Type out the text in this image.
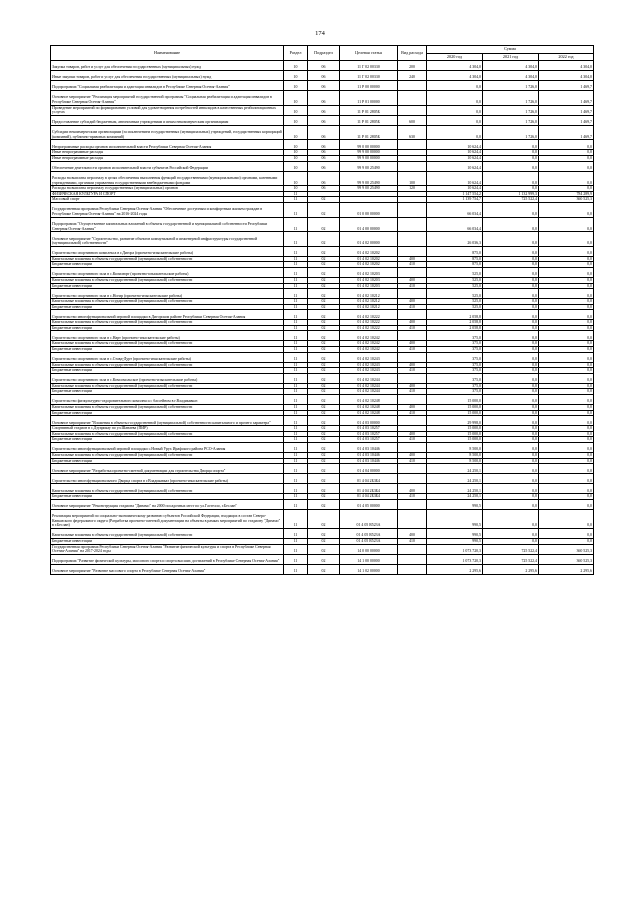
174
Наименование	Раздел	Подраздел	Целевая статья	Вид расхода	Сумма		
					2020 год	2021 год	2022 год
Закупка товаров, работ и услуг для обеспечения государственных (муниципальных) нужд	10	06	11 Г 02 00330	200	4 304,0	4 304,0	4 304,0
Иные закупки товаров, работ и услуг для обеспечения государственных (муниципальных) нужд	10	06	11 Г 02 00330	240	4 304,0	4 304,0	4 304,0
Подпрограмма "Социальная реабилитация и адаптация инвалидов в Республике Северная Осетия-Алания"	10	06	11 Р 00 00000		0,0	1 726,0	1 469,7
Основное мероприятие "Реализация мероприятий государственной программы "Социальная реабилитация и адаптация инвалидов в Республике Северная Осетия-Алания"	10	06	11 Р 01 00000		0,0	1 726,0	1 469,7
Проведение мероприятий по формированию условий для удовлетворения потребностей инвалидов в качественных реабилитационных услугах	10	06	11 Р 01 2805Б		0,0	1 726,0	1 469,7
Предоставление субсидий бюджетным, автономным учреждениям и иным некоммерческим организациям	10	06	11 Р 01 2805Б	600	0,0	1 726,0	1 469,7
Субсидии некоммерческим организациям (за исключением государственных (муниципальных) учреждений, государственных корпораций (компаний), публично-правовых компаний)	10	06	11 Р 01 2805Б	630	0,0	1 726,0	1 469,7
Непрограммные расходы органов исполнительной власти Республики Северная Осетия-Алания	10	06	99 0 00 00000		10 624,4	0,0	0,0
Иные непрограммные расходы	10	06	99 9 00 00000		10 624,4	0,0	0,0
Иные непрограммные расходы	10	06	99 9 00 00000		10 624,4	0,0	0,0
Обеспечение деятельности органов исполнительной власти субъектов Российской Федерации	10	06	99 9 00 25490		10 624,4	0,0	0,0
Расходы на выплаты персоналу в целях обеспечения выполнения функций государственными (муниципальными) органами, казенными учреждениями, органами управления государственными внебюджетными фондами	10	06	99 9 00 25490	100	10 624,4	0,0	0,0
Расходы на выплаты персоналу государственных (муниципальных) органов	10	06	99 9 00 25490	120	10 624,4	0,0	0,0
ФИЗИЧЕСКАЯ КУЛЬТУРА И СПОРТ	11				1 147 554,2	1 132 999,3	784 289,9
Массовый спорт	11	02			1 139 754,7	725 522,4	360 525,3
Государственная программа Республики Северная Осетия-Алания "Обеспечение доступным и комфортным жильем граждан в Республике Северная Осетия-Алания" на 2016-2024 годы	11	02	01 0 00 00000		66 034,4	0,0	0,0
Подпрограмма "Осуществление капитальных вложений в объекты государственной и муниципальной собственности Республики Северная Осетия-Алания"	11	02	01 4 00 00000		66 034,4	0,0	0,0
Основное мероприятие "Строительство, развитие объектов коммунальной и инженерной инфраструктуры государственной (муниципальной) собственности"	11	02	01 4 02 00000		26 036,3	0,0	0,0
Строительство спортивного комплекса в г.Дигора (проектно-изыскательские работы)	11	02	01 4 02 10202		875,0	0,0	0,0
Капитальные вложения в объекты государственной (муниципальной) собственности	11	02	01 4 02 10202	400	875,0	0,0	0,0
Бюджетные инвестиции	11	02	01 4 02 10202	410	875,0	0,0	0,0
Строительство спортивного зала в с.Кизилюрт (проектно-изыскательские работы)	11	02	01 4 02 10203		525,0	0,0	0,0
Капитальные вложения в объекты государственной (муниципальной) собственности	11	02	01 4 02 10203	400	525,0	0,0	0,0
Бюджетные инвестиции	11	02	01 4 02 10203	410	525,0	0,0	0,0
Строительство спортивного зала в с.Ногир (проектно-изыскательские работы)	11	02	01 4 02 10212		525,0	0,0	0,0
Капитальные вложения в объекты государственной (муниципальной) собственности	11	02	01 4 02 10212	400	525,0	0,0	0,0
Бюджетные инвестиции	11	02	01 4 02 10212	410	525,0	0,0	0,0
Строительство многофункциональной игровой площадки в Дигорском районе Республики Северная Осетия-Алания	11	02	01 4 02 10222		2 058,8	0,0	0,0
Капитальные вложения в объекты государственной (муниципальной) собственности	11	02	01 4 02 10222	400	2 058,8	0,0	0,0
Бюджетные инвестиции	11	02	01 4 02 10222	410	2 058,8	0,0	0,0
Строительство спортивного зала в с.Нарт (проектно-изыскательские работы)	11	02	01 4 02 10242		375,0	0,0	0,0
Капитальные вложения в объекты государственной (муниципальной) собственности	11	02	01 4 02 10242	400	375,0	0,0	0,0
Бюджетные инвестиции	11	02	01 4 02 10242	410	375,0	0,0	0,0
Строительство спортивного зала в с.Ставд-Дурт (проектно-изыскательские работы)	11	02	01 4 02 10243		375,0	0,0	0,0
Капитальные вложения в объекты государственной (муниципальной) собственности	11	02	01 4 02 10243	400	375,0	0,0	0,0
Бюджетные инвестиции	11	02	01 4 02 10243	410	375,0	0,0	0,0
Строительство спортивного зала в с.Комсомольское (проектно-изыскательские работы)	11	02	01 4 02 10244		375,0	0,0	0,0
Капитальные вложения в объекты государственной (муниципальной) собственности	11	02	01 4 02 10244	400	375,0	0,0	0,0
Бюджетные инвестиции	11	02	01 4 02 10244	410	375,0	0,0	0,0
Строительство физкультурно-оздоровительного комплекса с бассейном в г.Владикавказ	11	02	01 4 02 10248		15 000,0	0,0	0,0
Капитальные вложения в объекты государственной (муниципальной) собственности	11	02	01 4 02 10248	400	15 000,0	0,0	0,0
Бюджетные инвестиции	11	02	01 4 02 10248	410	15 000,0	0,0	0,0
Основное мероприятие "Вложения в объекты государственной (муниципальной) собственности капитального и прочего характера"	11	02	01 4 03 00000		29 998,0	0,0	0,0
Спортивный стадион в с.Дзуарикау по ул.Шанаева (ПИР)	11	02	01 4 03 10257		15 000,0	0,0	0,0
Капитальные вложения в объекты государственной (муниципальной) собственности	11	02	01 4 03 10257	400	15 000,0	0,0	0,0
Бюджетные инвестиции	11	02	01 4 03 10257	410	15 000,0	0,0	0,0
Строительство многофункциональной игровой площадки с.Новый Урух Ирафского района РСО-Алания	11	02	01 4 03 10446		8 500,0	0,0	0,0
Капитальные вложения в объекты государственной (муниципальной) собственности	11	02	01 4 03 10446	400	8 500,0	0,0	0,0
Бюджетные инвестиции	11	02	01 4 03 10446	410	8 500,0	0,0	0,0
Основное мероприятие "Разработка проектно-сметной документации для строительства Дворца спорта"	11	02	01 4 04 00000		24 250,1	0,0	0,0
Строительство многофункционального Дворца спорта в г.Владикавказ (проектно-изыскательские работы)	11	02	01 4 04 2Б3Б4		24 250,1	0,0	0,0
Капитальные вложения в объекты государственной (муниципальной) собственности	11	02	01 4 04 2Б3Б4	400	24 250,1	0,0	0,0
Бюджетные инвестиции	11	02	01 4 04 2Б3Б4	410	24 250,1	0,0	0,0
Основное мероприятие "Реконструкция стадиона "Динамо" на 2000 посадочных мест по ул.Гастелло, г.Беслан"	11	02	01 4 05 00000		990,5	0,0	0,0
Реализация мероприятий по социально-экономическому развитию субъектов Российской Федерации, входящих в состав Северо-Кавказского федерального округа (Разработка проектно-сметной документации на объекты в рамках мероприятий по стадиону "Динамо" в г.Беслан)	11	02	01 4 05 R523A		990,5	0,0	0,0
Капитальные вложения в объекты государственной (муниципальной) собственности	11	02	01 4 05 R523A	400	990,5	0,0	0,0
Бюджетные инвестиции	11	02	01 4 05 R523A	410	990,5	0,0	0,0
Государственная программа Республики Северная Осетия-Алания "Развитие физической культуры и спорта в Республике Северная Осетия-Алания" на 2017-2024 годы	11	02	14 0 00 00000		1 073 720,3	725 522,4	360 525,3
Подпрограмма "Развитие физической культуры, массового спорта и спорта высших достижений в Республике Северная Осетия-Алания"	11	02	14 1 00 00000		1 073 720,3	725 522,4	360 525,3
Основное мероприятие "Развитие массового спорта в Республике Северная Осетия-Алания"	11	02	14 1 02 00000		2 295,6	2 295,6	2 295,6
